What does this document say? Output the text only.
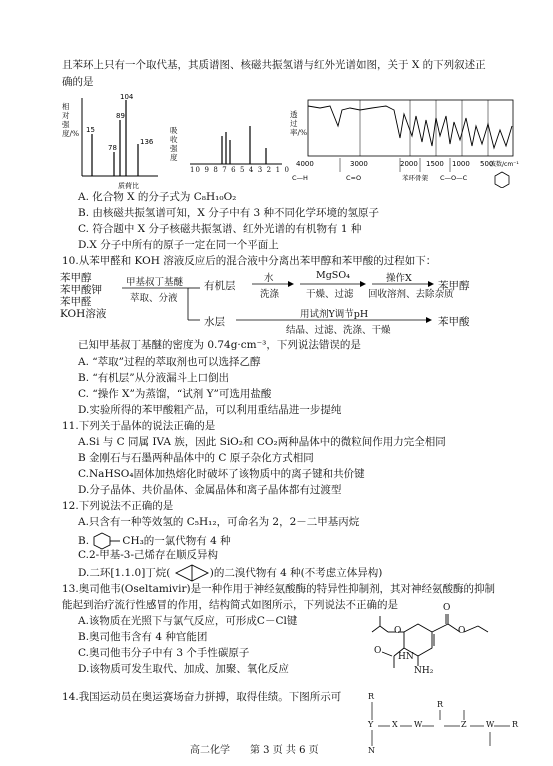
且苯环上只有一个取代基，其质谱图、核磁共振氢谱与红外光谱如图，关于 X 的下列叙述正
确的是
15
78
89
104
136
质荷比
相对强度/%	吸收强度
10 9 8 7 6 5 4 3 2 1 0
3000	2000 1500 1000 500
4000	波数/cm⁻¹
C—H	C=O	苯环骨架 C—O—C
透过率/%
A. 化合物 X 的分子式为 C₈H₁₀O₂
B. 由核磁共振氢谱可知，X 分子中有 3 种不同化学环境的氢原子
C. 符合题中 X 分子核磁共振氢谱、红外光谱的有机物有 1 种
D.X 分子中所有的原子一定在同一个平面上
10.从苯甲醛和 KOH 溶液反应后的混合液中分离出苯甲醇和苯甲酸的过程如下：
苯甲醇
苯甲酸钾
苯甲醛
KOH溶液
甲基叔丁基醚
萃取、分液
有机层
水
洗涤
MgSO₄
干燥、过滤
操作X
回收溶剂、去除杂质
苯甲醇
水层
用试剂Y调节pH
结晶、过滤、洗涤、干燥
苯甲酸
已知甲基叔丁基醚的密度为 0.74g·cm⁻³，下列说法错误的是
A. “萃取”过程的萃取剂也可以选择乙醇
B. “有机层”从分液漏斗上口倒出
C. “操作 X”为蒸馏，“试剂 Y”可选用盐酸
D.实验所得的苯甲酸粗产品，可以利用重结晶进一步提纯
11.下列关于晶体的说法正确的是
A.Si 与 C 同属 IVA 族，因此 SiO₂和 CO₂两种晶体中的微粒间作用力完全相同
B 金刚石与石墨两种晶体中的 C 原子杂化方式相同
C.NaHSO₄固体加热熔化时破坏了该物质中的离子键和共价键
D.分子晶体、共价晶体、金属晶体和离子晶体都有过渡型
12.下列说法不正确的是
A.只含有一种等效氢的 C₅H₁₂，可命名为 2，2－二甲基丙烷
B.	CH₃的一氯代物有 4 种
C.2-甲基-3-己烯存在顺反异构
D.二环[1.1.0]丁烷(	)的二溴代物有 4 种(不考虑立体异构)
13.奥司他韦(Oseltamivir)是一种作用于神经氨酸酶的特异性抑制剂，其对神经氨酸酶的抑制
能起到治疗流行性感冒的作用，结构简式如图所示，下列说法不正确的是
A.该物质在光照下与氯气反应，可形成C－Cl键
B.奥司他韦含有 4 种官能团
C.奥司他韦分子中有 3 个手性碳原子
D.该物质可发生取代、加成、加聚、氧化反应
O
O
O
HN
O
NH₂
14.我国运动员在奥运赛场奋力拼搏，取得佳绩。下图所示可	R
Y
N
X W
R
Z W R
高二化学　　第 3 页 共 6 页
